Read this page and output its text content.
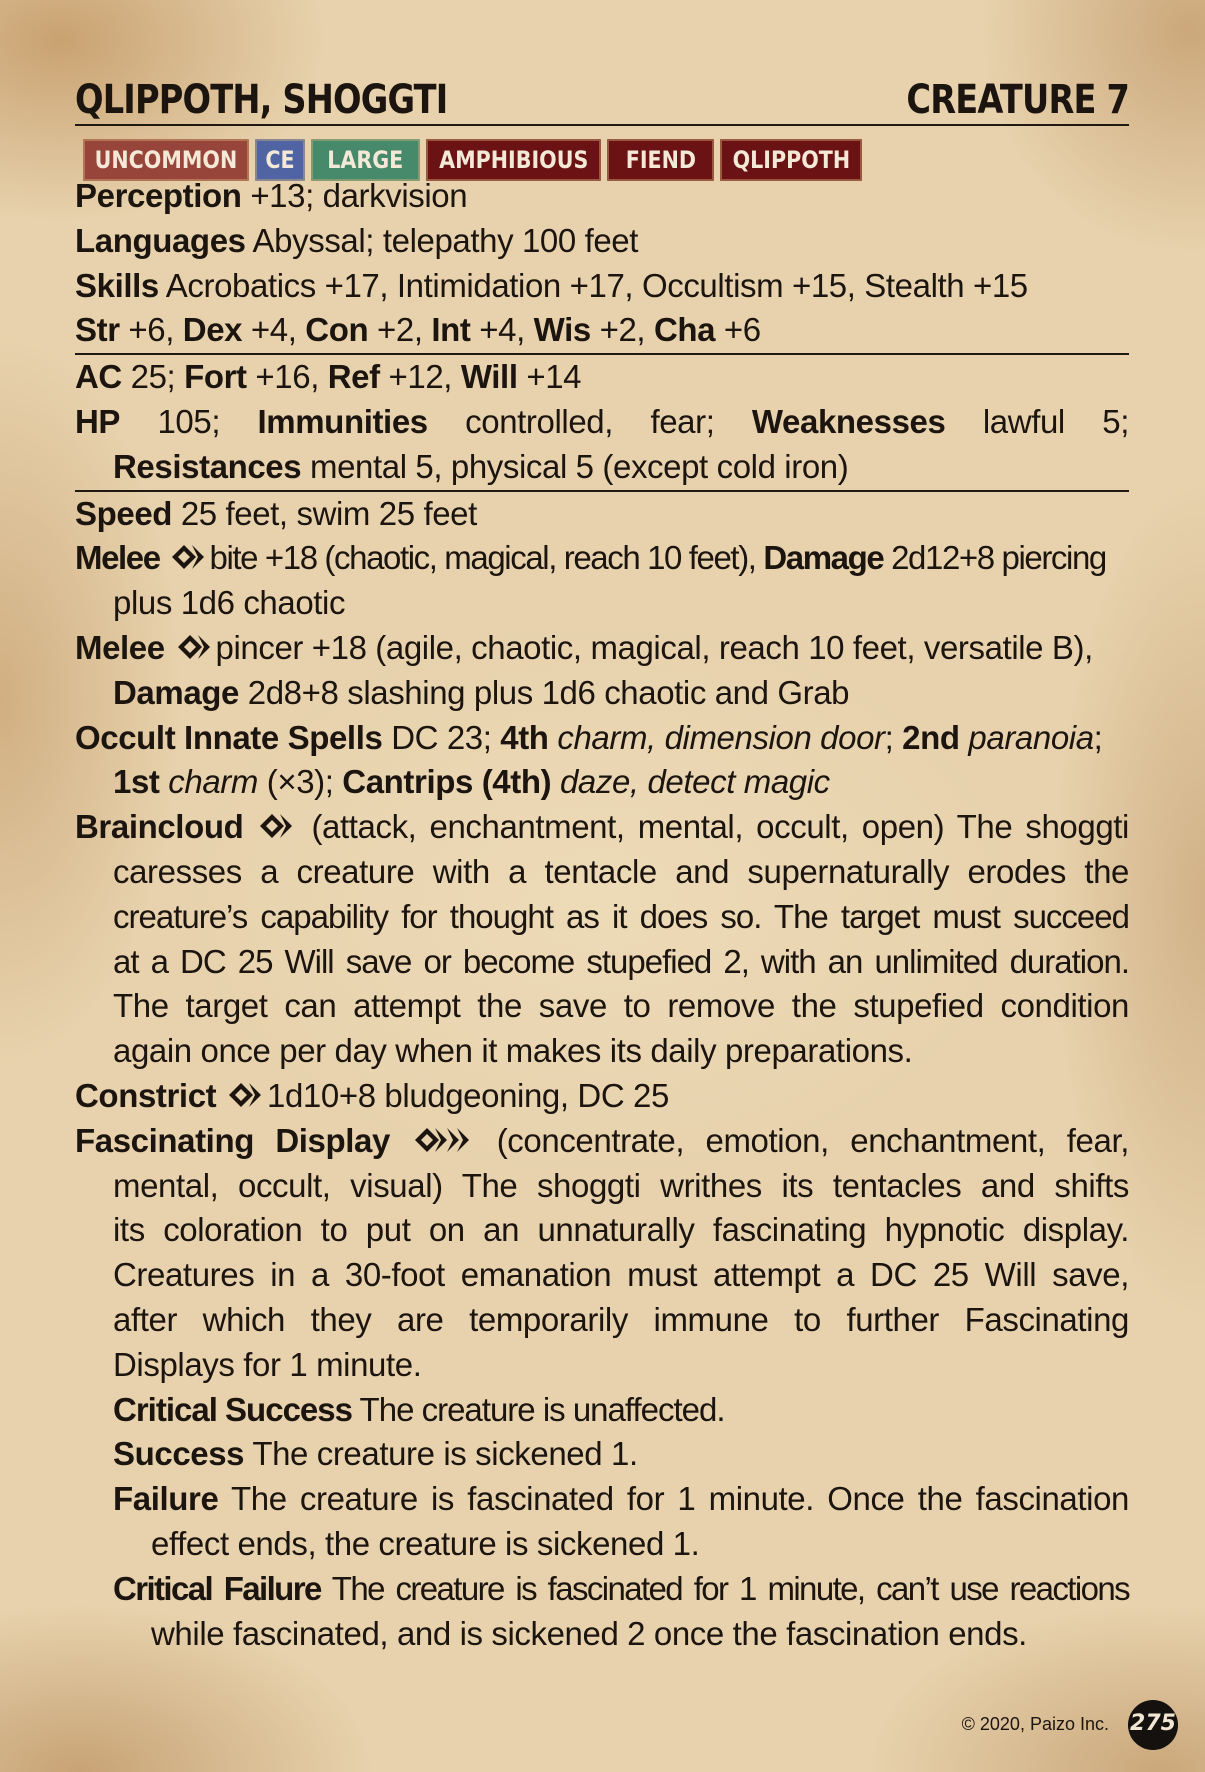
QLIPPOTH, SHOGGTI	CREATURE 7
UNCOMMON	CE	LARGE	AMPHIBIOUS	FIEND	QLIPPOTH
Perception +13; darkvision
Languages Abyssal; telepathy 100 feet
Skills Acrobatics +17, Intimidation +17, Occultism +15, Stealth +15
Str +6, Dex +4, Con +2, Int +4, Wis +2, Cha +6
AC 25; Fort +16, Ref +12, Will +14
HP 105; Immunities controlled, fear; Weaknesses lawful 5;
Resistances mental 5, physical 5 (except cold iron)
Speed 25 feet, swim 25 feet
Melee bite +18 (chaotic, magical, reach 10 feet), Damage 2d12+8 piercing
plus 1d6 chaotic
Melee pincer +18 (agile, chaotic, magical, reach 10 feet, versatile B),
Damage 2d8+8 slashing plus 1d6 chaotic and Grab
Occult Innate Spells DC 23; 4th charm, dimension door; 2nd paranoia;
1st charm (×3); Cantrips (4th) daze, detect magic
Braincloud (attack, enchantment, mental, occult, open) The shoggti
caresses a creature with a tentacle and supernaturally erodes the
creature’s capability for thought as it does so. The target must succeed
at a DC 25 Will save or become stupefied 2, with an unlimited duration.
The target can attempt the save to remove the stupefied condition
again once per day when it makes its daily preparations.
Constrict 1d10+8 bludgeoning, DC 25
Fascinating Display	(concentrate, emotion, enchantment, fear,
mental, occult, visual) The shoggti writhes its tentacles and shifts
its coloration to put on an unnaturally fascinating hypnotic display.
Creatures in a 30-foot emanation must attempt a DC 25 Will save,
after which they are temporarily immune to further Fascinating
Displays for 1 minute.
Critical Success The creature is unaffected.
Success The creature is sickened 1.
Failure The creature is fascinated for 1 minute. Once the fascination
effect ends, the creature is sickened 1.
Critical Failure The creature is fascinated for 1 minute, can’t use reactions
while fascinated, and is sickened 2 once the fascination ends.
© 2020, Paizo Inc. 275
